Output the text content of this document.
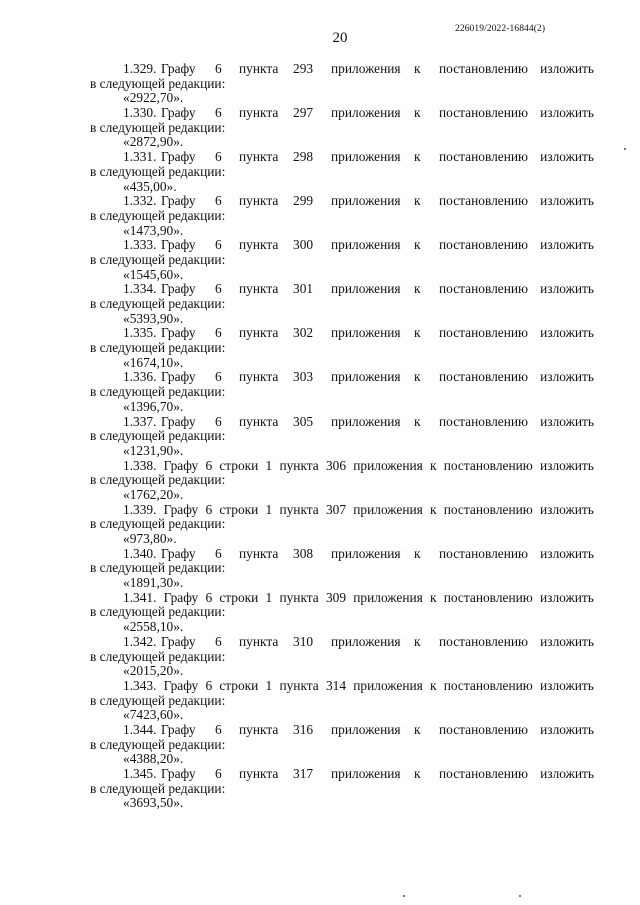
20
226019/2022-16844(2)
1.329. Графу 6 пункта 293 приложения к постановлению изложить
в следующей редакции:
«2922,70».
1.330. Графу 6 пункта 297 приложения к постановлению изложить
в следующей редакции:
«2872,90».
1.331. Графу 6 пункта 298 приложения к постановлению изложить
в следующей редакции:
«435,00».
1.332. Графу 6 пункта 299 приложения к постановлению изложить
в следующей редакции:
«1473,90».
1.333. Графу 6 пункта 300 приложения к постановлению изложить
в следующей редакции:
«1545,60».
1.334. Графу 6 пункта 301 приложения к постановлению изложить
в следующей редакции:
«5393,90».
1.335. Графу 6 пункта 302 приложения к постановлению изложить
в следующей редакции:
«1674,10».
1.336. Графу 6 пункта 303 приложения к постановлению изложить
в следующей редакции:
«1396,70».
1.337. Графу 6 пункта 305 приложения к постановлению изложить
в следующей редакции:
«1231,90».
1.338. Графу 6 строки 1 пункта 306 приложения к постановлению изложить
в следующей редакции:
«1762,20».
1.339. Графу 6 строки 1 пункта 307 приложения к постановлению изложить
в следующей редакции:
«973,80».
1.340. Графу 6 пункта 308 приложения к постановлению изложить
в следующей редакции:
«1891,30».
1.341. Графу 6 строки 1 пункта 309 приложения к постановлению изложить
в следующей редакции:
«2558,10».
1.342. Графу 6 пункта 310 приложения к постановлению изложить
в следующей редакции:
«2015,20».
1.343. Графу 6 строки 1 пункта 314 приложения к постановлению изложить
в следующей редакции:
«7423,60».
1.344. Графу 6 пункта 316 приложения к постановлению изложить
в следующей редакции:
«4388,20».
1.345. Графу 6 пункта 317 приложения к постановлению изложить
в следующей редакции:
«3693,50».
